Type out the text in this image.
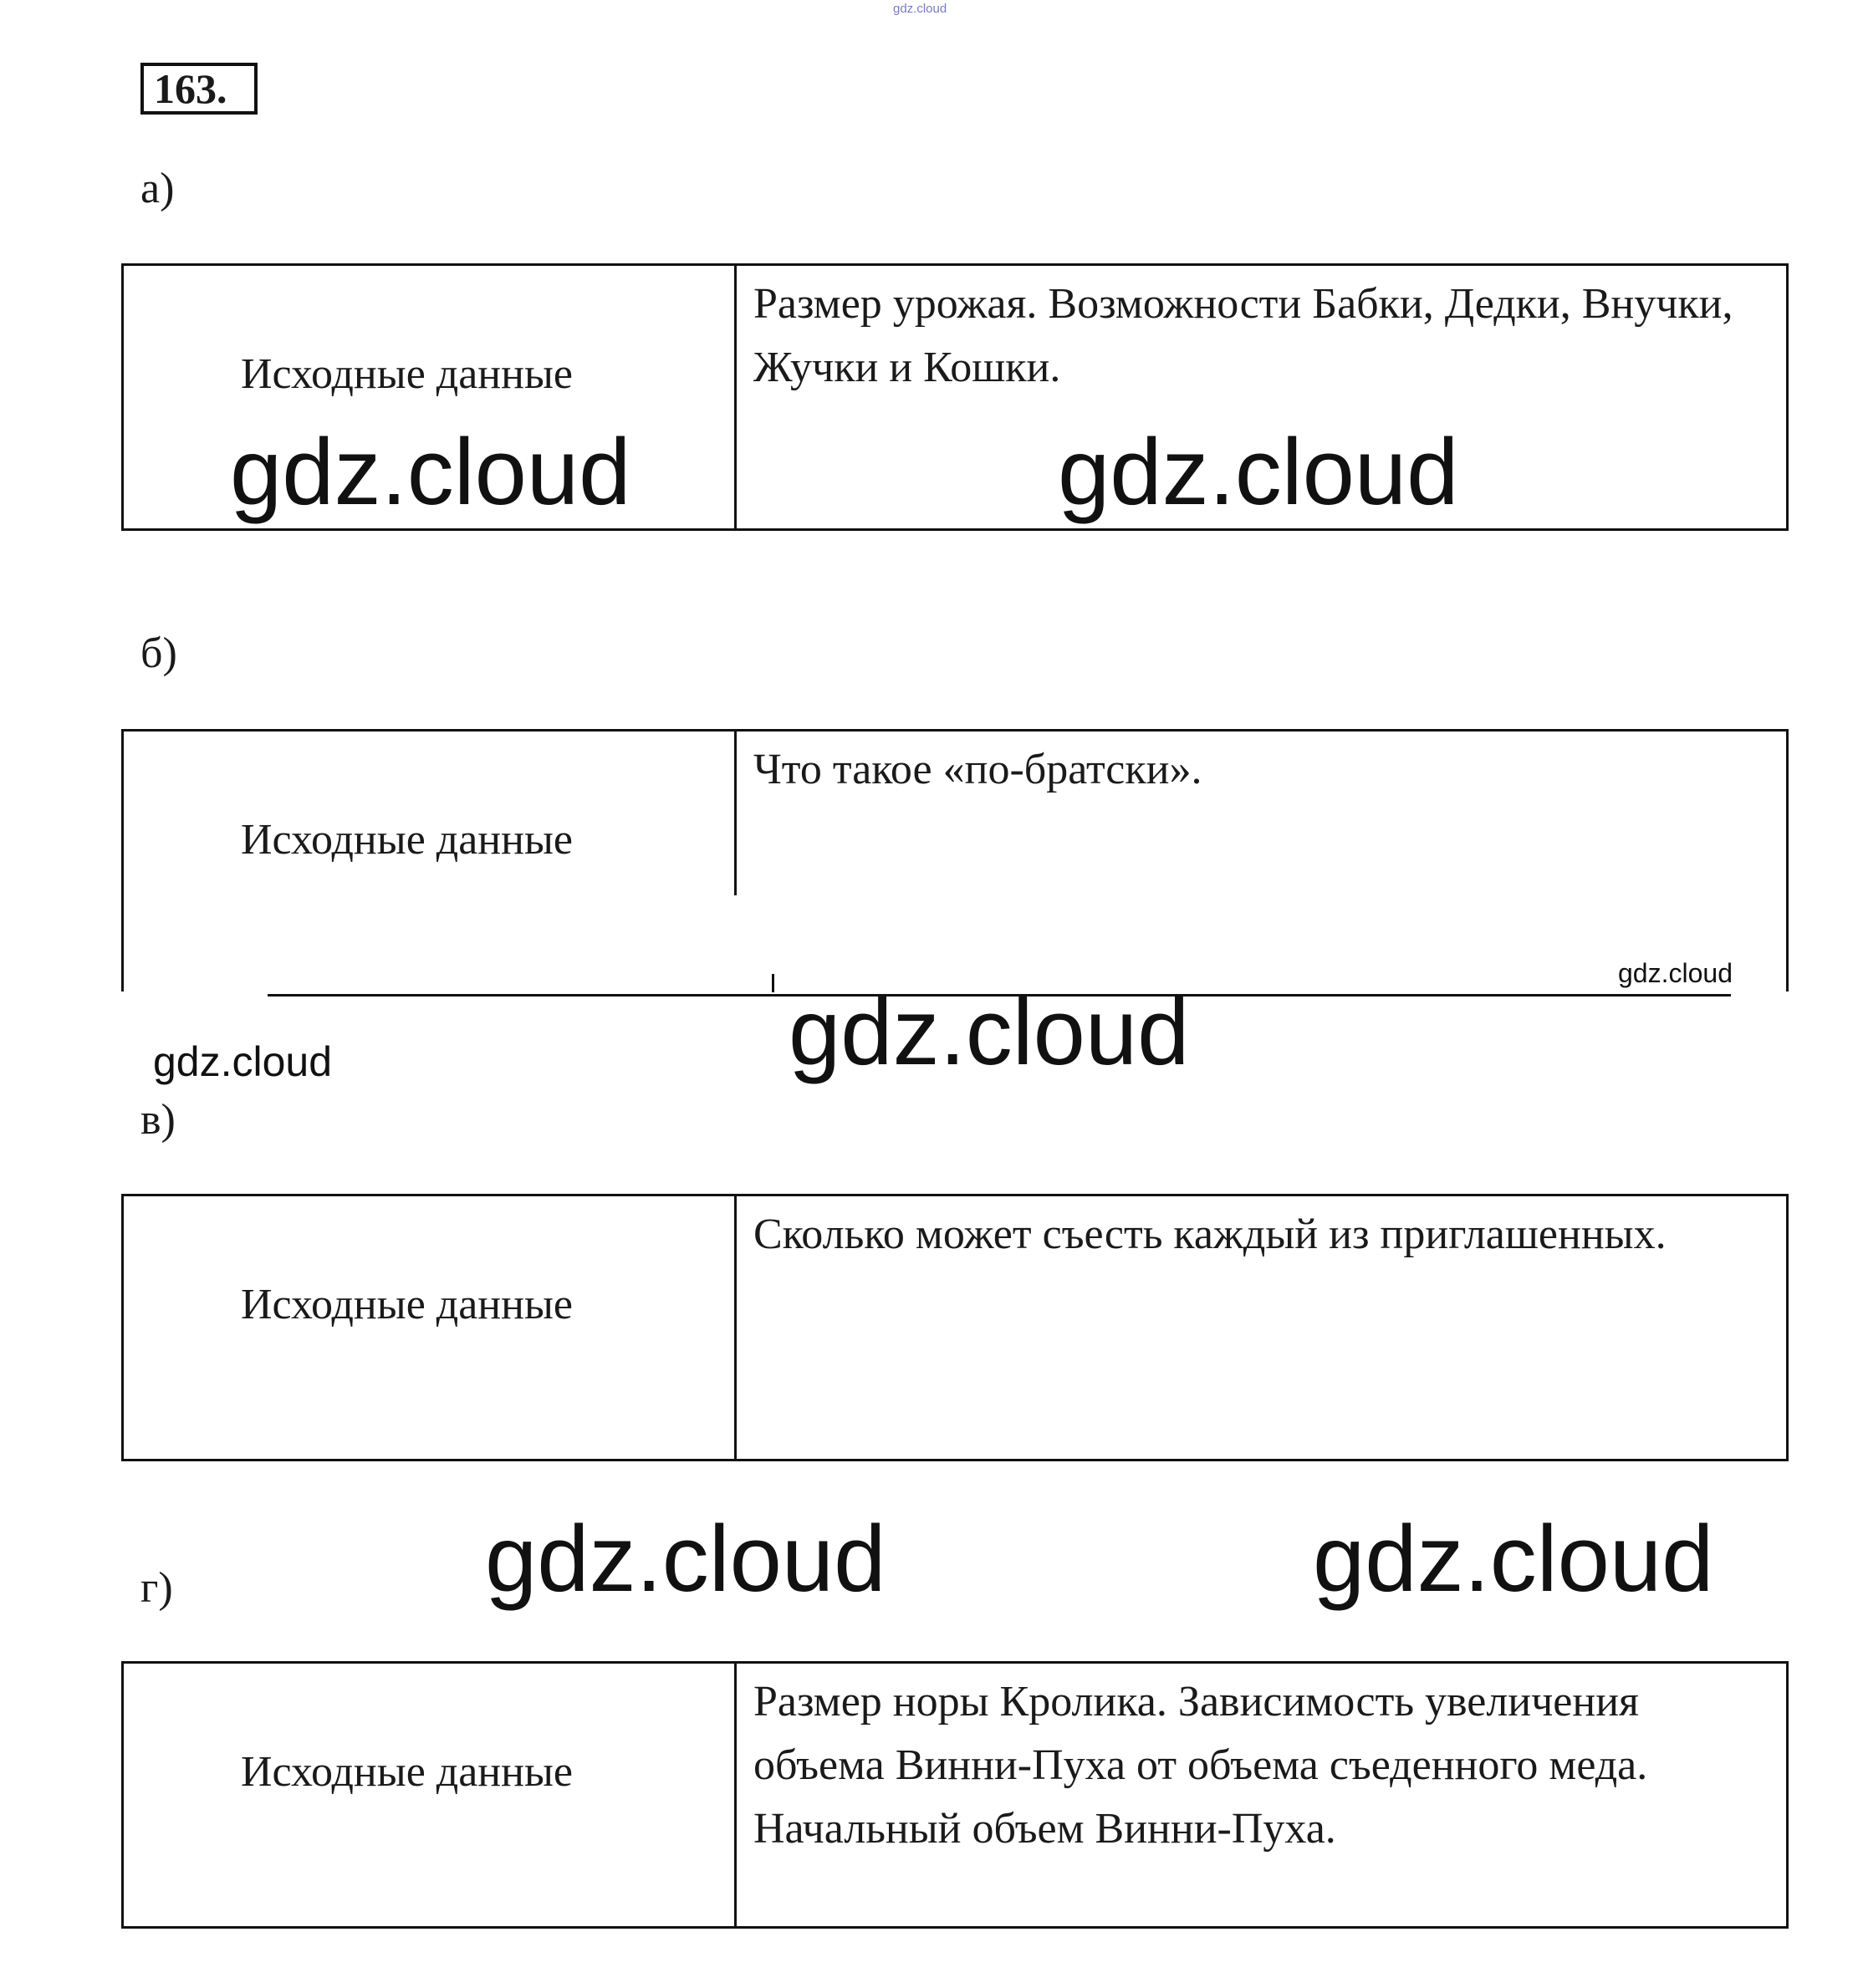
gdz.cloud
163.
а)
Исходные данные
Размер урожая. Возможности Бабки, Дедки, Внучки, Жучки и Кошки.
gdz.cloud	gdz.cloud
б)
Исходные данные
Что такое «по-братски».
gdz.cloud
gdz.cloud
gdz.cloud
в)
Исходные данные
Сколько может съесть каждый из приглашенных.
gdz.cloud	gdz.cloud
г)
Исходные данные
Размер норы Кролика. Зависимость увеличения объема Винни-Пуха от объема съеденного меда. Начальный объем Винни-Пуха.
